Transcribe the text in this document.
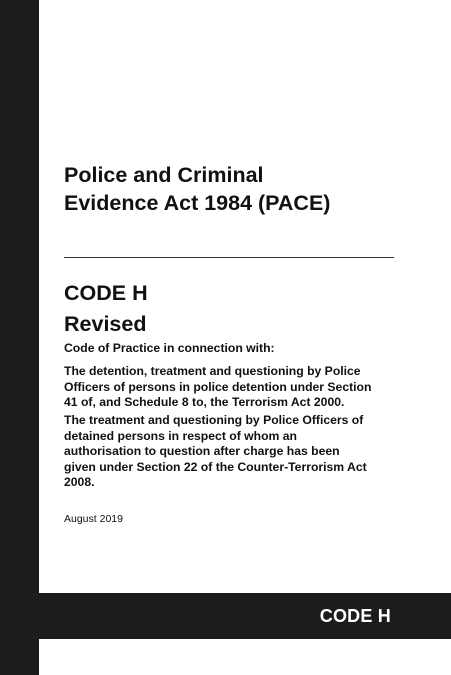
Police and Criminal
Evidence Act 1984 (PACE)
CODE H
Revised

Code of Practice in connection with:

The detention, treatment and questioning by Police
Officers of persons in police detention under Section
41 of, and Schedule 8 to, the Terrorism Act 2000.

The treatment and questioning by Police Officers of
detained persons in respect of whom an
authorisation to question after charge has been
given under Section 22 of the Counter-Terrorism Act
2008.

August 2019

CODE H
